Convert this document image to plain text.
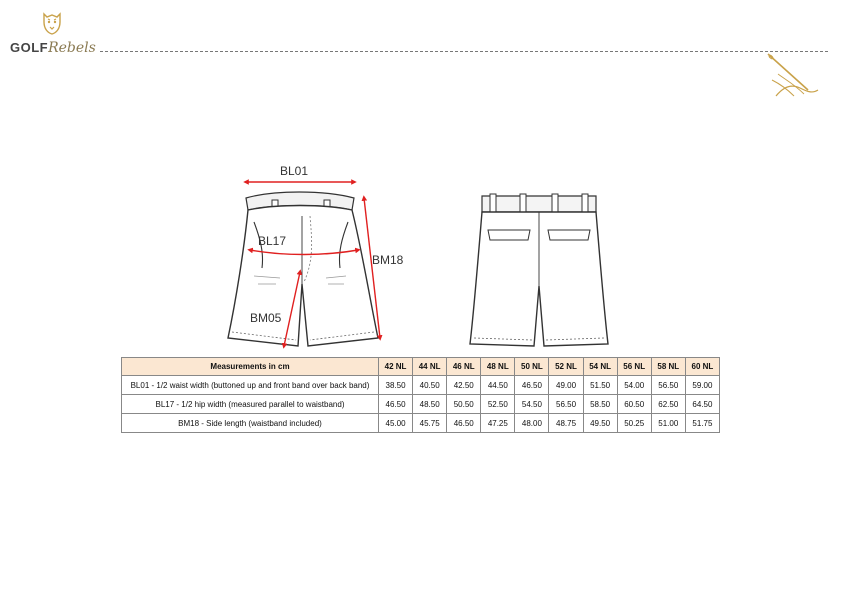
GOLFRebels
BL01
BL17
BM18
BM05
Measurements in cm	42 NL	44 NL	46 NL	48 NL	50 NL	52 NL	54 NL	56 NL	58 NL	60 NL
BL01 - 1/2 waist width (buttoned up and front band over back band)	38.50	40.50	42.50	44.50	46.50	49.00	51.50	54.00	56.50	59.00
BL17 - 1/2 hip width (measured parallel to waistband)	46.50	48.50	50.50	52.50	54.50	56.50	58.50	60.50	62.50	64.50
BM18 - Side length (waistband included)	45.00	45.75	46.50	47.25	48.00	48.75	49.50	50.25	51.00	51.75
